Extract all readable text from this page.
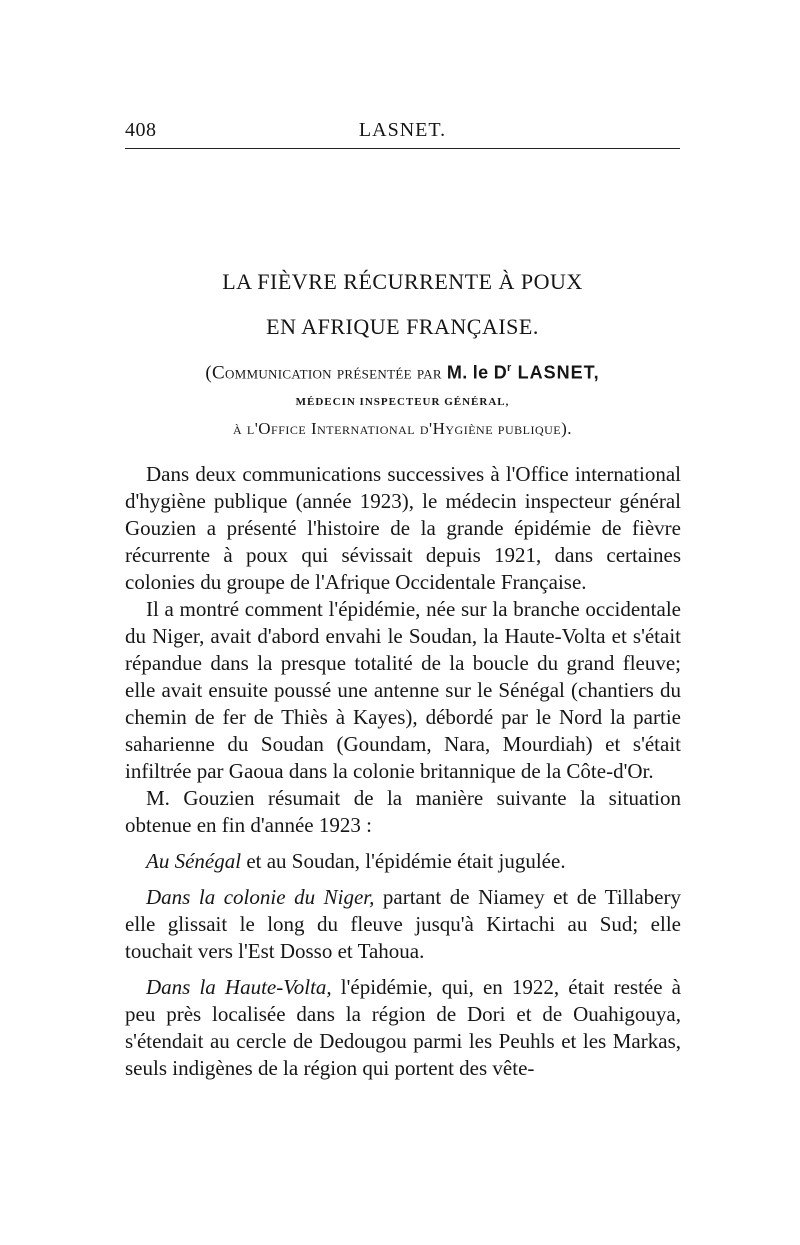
408	LASNET.
LA FIÈVRE RÉCURRENTE À POUX
EN AFRIQUE FRANÇAISE.
(Communication présentée par M. le $D^r$ LASNET,
MÉDECIN INSPECTEUR GÉNÉRAL,
à l'Office International d'Hygiène publique).

Dans deux communications successives à l'Office international d'hygiène publique (année 1923), le médecin inspecteur général Gouzien a présenté l'histoire de la grande épidémie de fièvre récurrente à poux qui sévissait depuis 1921, dans certaines colonies du groupe de l'Afrique Occidentale Française.

Il a montré comment l'épidémie, née sur la branche occidentale du Niger, avait d'abord envahi le Soudan, la Haute-Volta et s'était répandue dans la presque totalité de la boucle du grand fleuve; elle avait ensuite poussé une antenne sur le Sénégal (chantiers du chemin de fer de Thiès à Kayes), débordé par le Nord la partie saharienne du Soudan (Goundam, Nara, Mourdiah) et s'était infiltrée par Gaoua dans la colonie britannique de la Côte-d'Or.

M. Gouzien résumait de la manière suivante la situation obtenue en fin d'année 1923 :

Au Sénégal et au Soudan, l'épidémie était jugulée.

Dans la colonie du Niger, partant de Niamey et de Tillabery elle glissait le long du fleuve jusqu'à Kirtachi au Sud; elle touchait vers l'Est Dosso et Tahoua.

Dans la Haute-Volta, l'épidémie, qui, en 1922, était restée à peu près localisée dans la région de Dori et de Ouahigouya, s'étendait au cercle de Dedougou parmi les Peuhls et les Markas, seuls indigènes de la région qui portent des vête-
